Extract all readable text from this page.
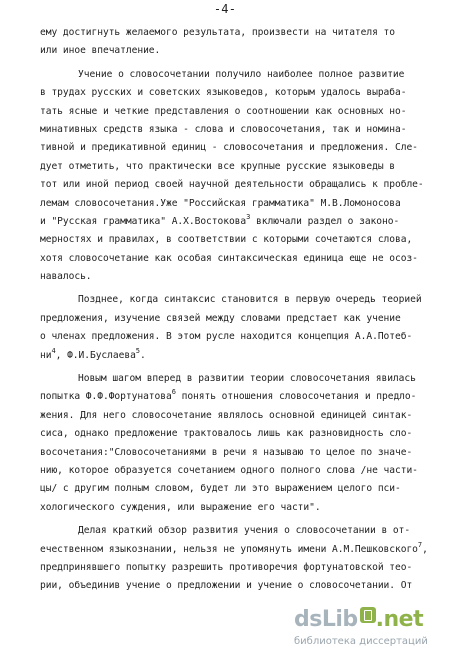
-4-
ему достигнуть желаемого результата, произвести на читателя то
или иное впечатление.
Учение о словосочетании получило наиболее полное развитие
в трудах русских и советских языковедов, которым удалось выраба-
тать ясные и четкие представления о соотношении как основных но-
минативных средств языка - слова и словосочетания, так и номина-
тивной и предикативной единиц - словосочетания и предложения. Сле-
дует отметить, что практически все крупные русские языковеды в
тот или иной период своей научной деятельности обращались к пробле-
лемам словосочетания.Уже "Российская грамматика" М.В.Ломоносова
и "Русская грамматика" А.Х.Востокова$^3$ включали раздел о законо-
мерностях и правилах, в соответствии с которыми сочетаются слова,
хотя словосочетание как особая синтаксическая единица еще не осоз-
навалось.
Позднее, когда синтаксис становится в первую очередь теорией
предложения, изучение связей между словами предстает как учение
о членах предложения. В этом русле находится концепция А.А.Потеб-
$ни^4$, Ф.И.Буслаева$^5$.
Новым шагом вперед в развитии теории словосочетания явилась
попытка Ф.Ф.Фортунатова$^6$ понять отношения словосочетания и предло-
жения. Для него словосочетание являлось основной единицей синтак-
сиса, однако предложение трактовалось лишь как разновидность сло-
восочетания:"Словосочетаниями в речи я называю то целое по значе-
нию, которое образуется сочетанием одного полного слова /не части-
цы/ с другим полным словом, будет ли это выражением целого пси-
хологического суждения, или выражение его части".
Делая краткий обзор развития учения о словосочетании в от-
ечественном языкознании, нельзя не упомянуть имени А.М.Пешковского$^7$,
предпринявшего попытку разрешить противоречия фортунатовской тео-
рии, объединив учение о предложении и учение о словосочетании. От
dsLib .net
библиотека диссертаций
